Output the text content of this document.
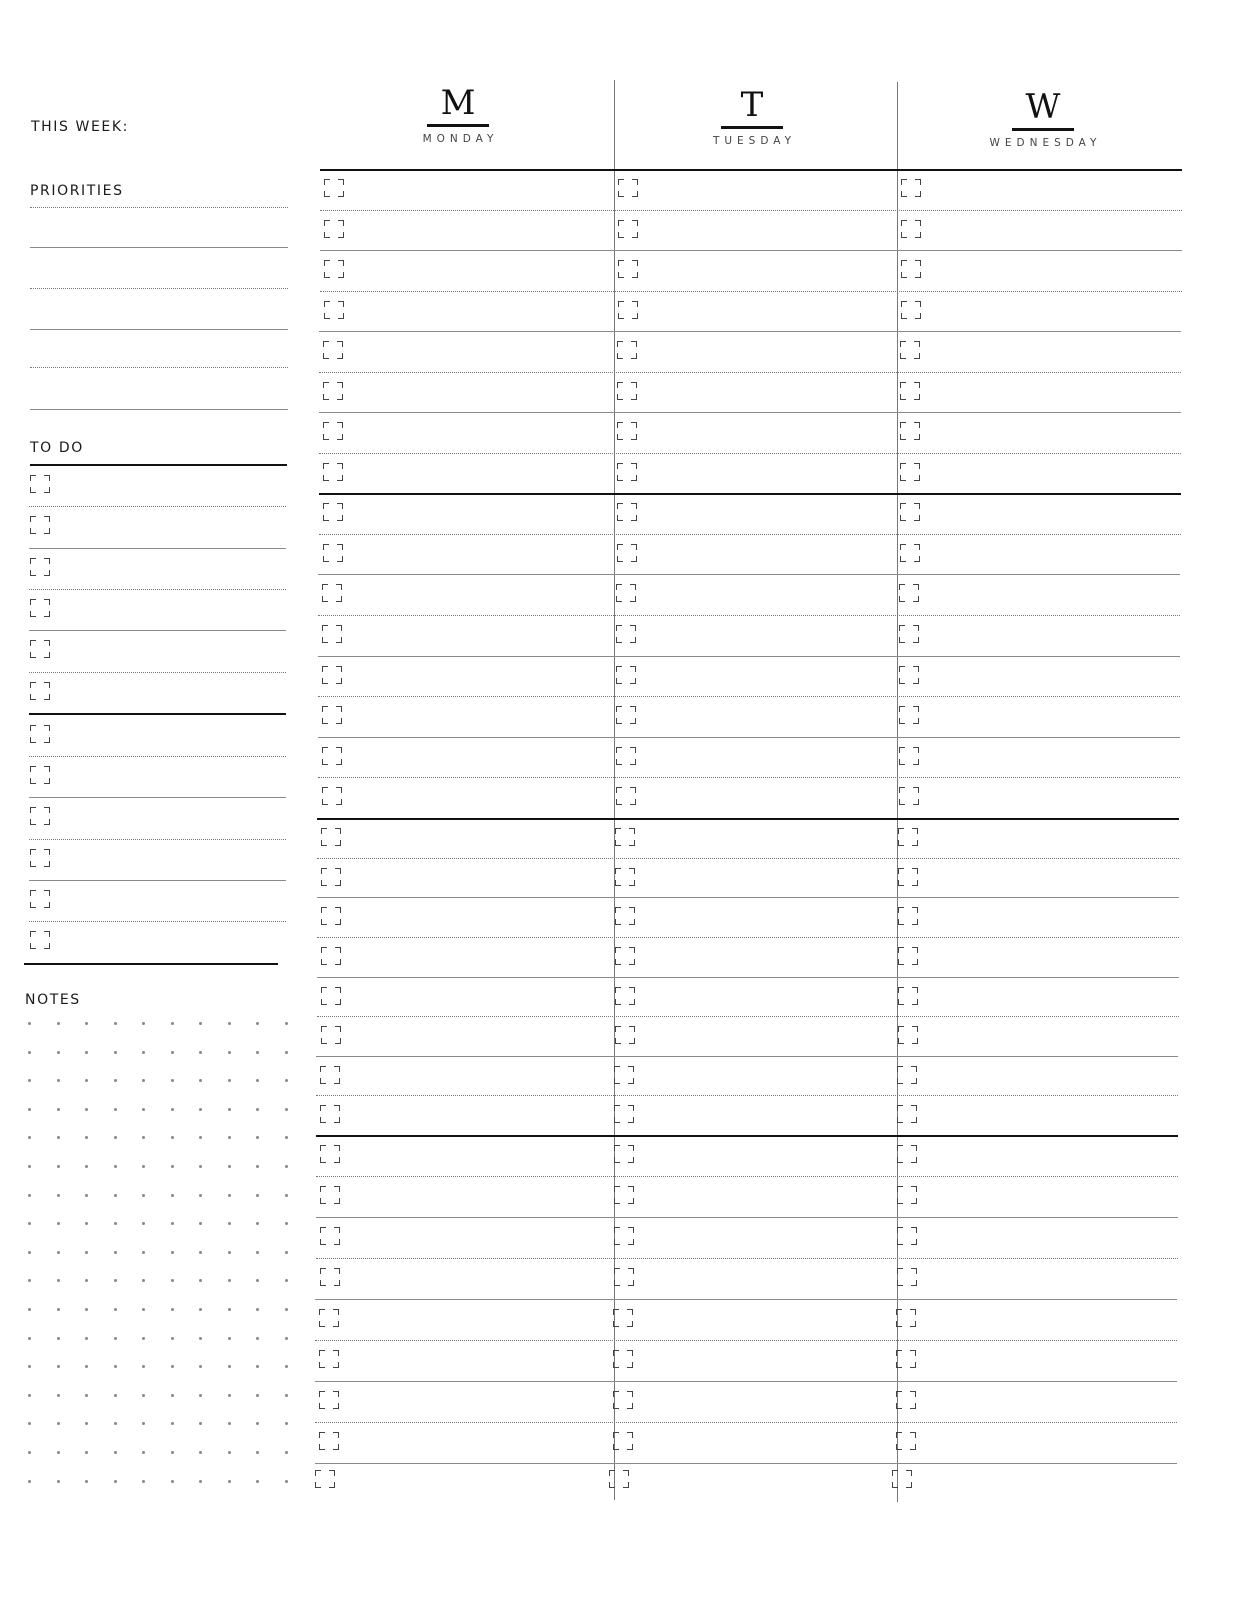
THIS WEEK:
PRIORITIES
TO DO
NOTES
M
MONDAY
T
TUESDAY
W
WEDNESDAY
